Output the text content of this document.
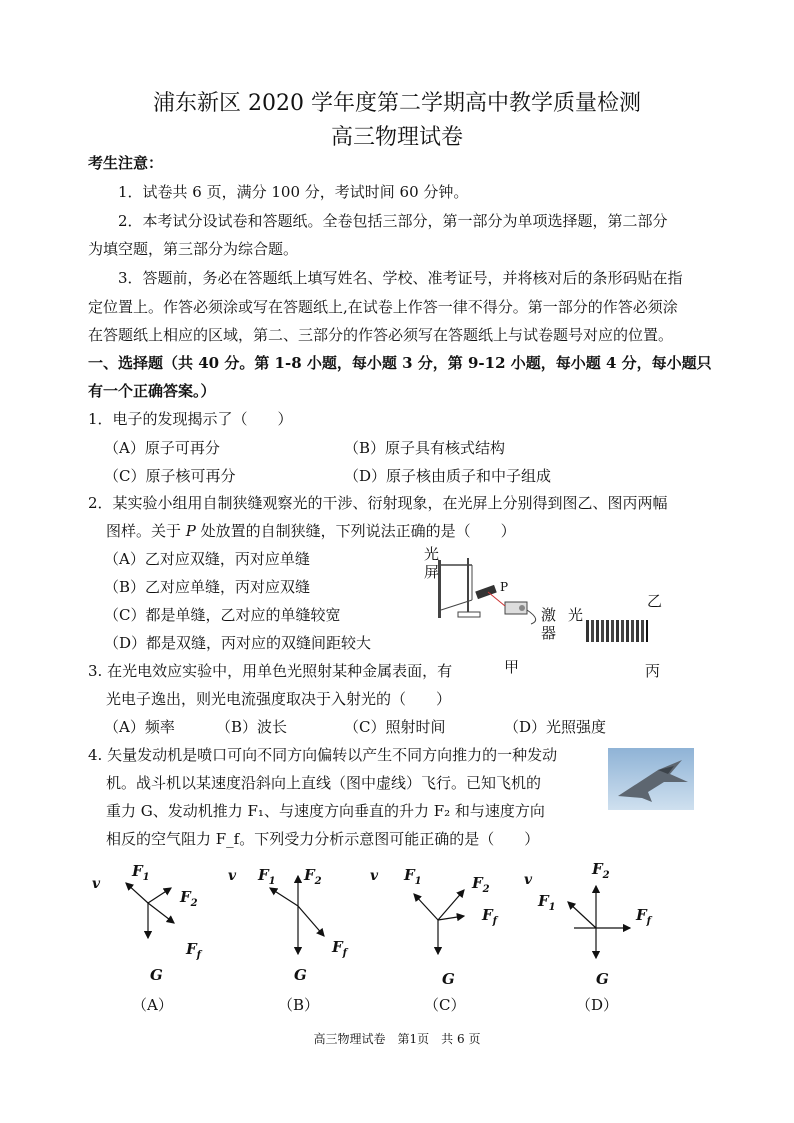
浦东新区 2020 学年度第二学期高中教学质量检测
高三物理试卷
考生注意：
1．试卷共 6 页，满分 100 分，考试时间 60 分钟。
2．本考试分设试卷和答题纸。全卷包括三部分，第一部分为单项选择题，第二部分
为填空题，第三部分为综合题。
3．答题前，务必在答题纸上填写姓名、学校、准考证号，并将核对后的条形码贴在指
定位置上。作答必须涂或写在答题纸上,在试卷上作答一律不得分。第一部分的作答必须涂
在答题纸上相应的区域，第二、三部分的作答必须写在答题纸上与试卷题号对应的位置。
一、选择题（共 40 分。第 1-8 小题，每小题 3 分，第 9-12 小题，每小题 4 分，每小题只
有一个正确答案。）
1．电子的发现揭示了（　　）
（A）原子可再分	（B）原子具有核式结构
（C）原子核可再分	（D）原子核由质子和中子组成
2．某实验小组用自制狭缝观察光的干涉、衍射现象，在光屏上分别得到图乙、图丙两幅
图样。关于 P 处放置的自制狭缝，下列说法正确的是（　　）
（A）乙对应双缝，丙对应单缝
（B）乙对应单缝，丙对应双缝
（C）都是单缝，乙对应的单缝较宽
（D）都是双缝，丙对应的双缝间距较大
光
屏
P
激 光
器
乙
甲	丙
3. 在光电效应实验中，用单色光照射某种金属表面，有
光电子逸出，则光电流强度取决于入射光的（　　）
（A）频率	（B）波长	（C）照射时间	（D）光照强度
4. 矢量发动机是喷口可向不同方向偏转以产生不同方向推力的一种发动
机。战斗机以某速度沿斜向上直线（图中虚线）飞行。已知飞机的
重力 G、发动机推力 F₁、与速度方向垂直的升力 F₂ 和与速度方向
相反的空气阻力 F_f。下列受力分析示意图可能正确的是（　　）
v
$F_1$
$F_2$
$F_f$
G
（A）
v $F_1$ $F_2$
$F_f$
G
（B）
v $F_1$	$F_2$
$F_f$
G
（C）
v
$F_1$
$F_2$
$F_f$
G
（D）
高三物理试卷　第1页　共 6 页
